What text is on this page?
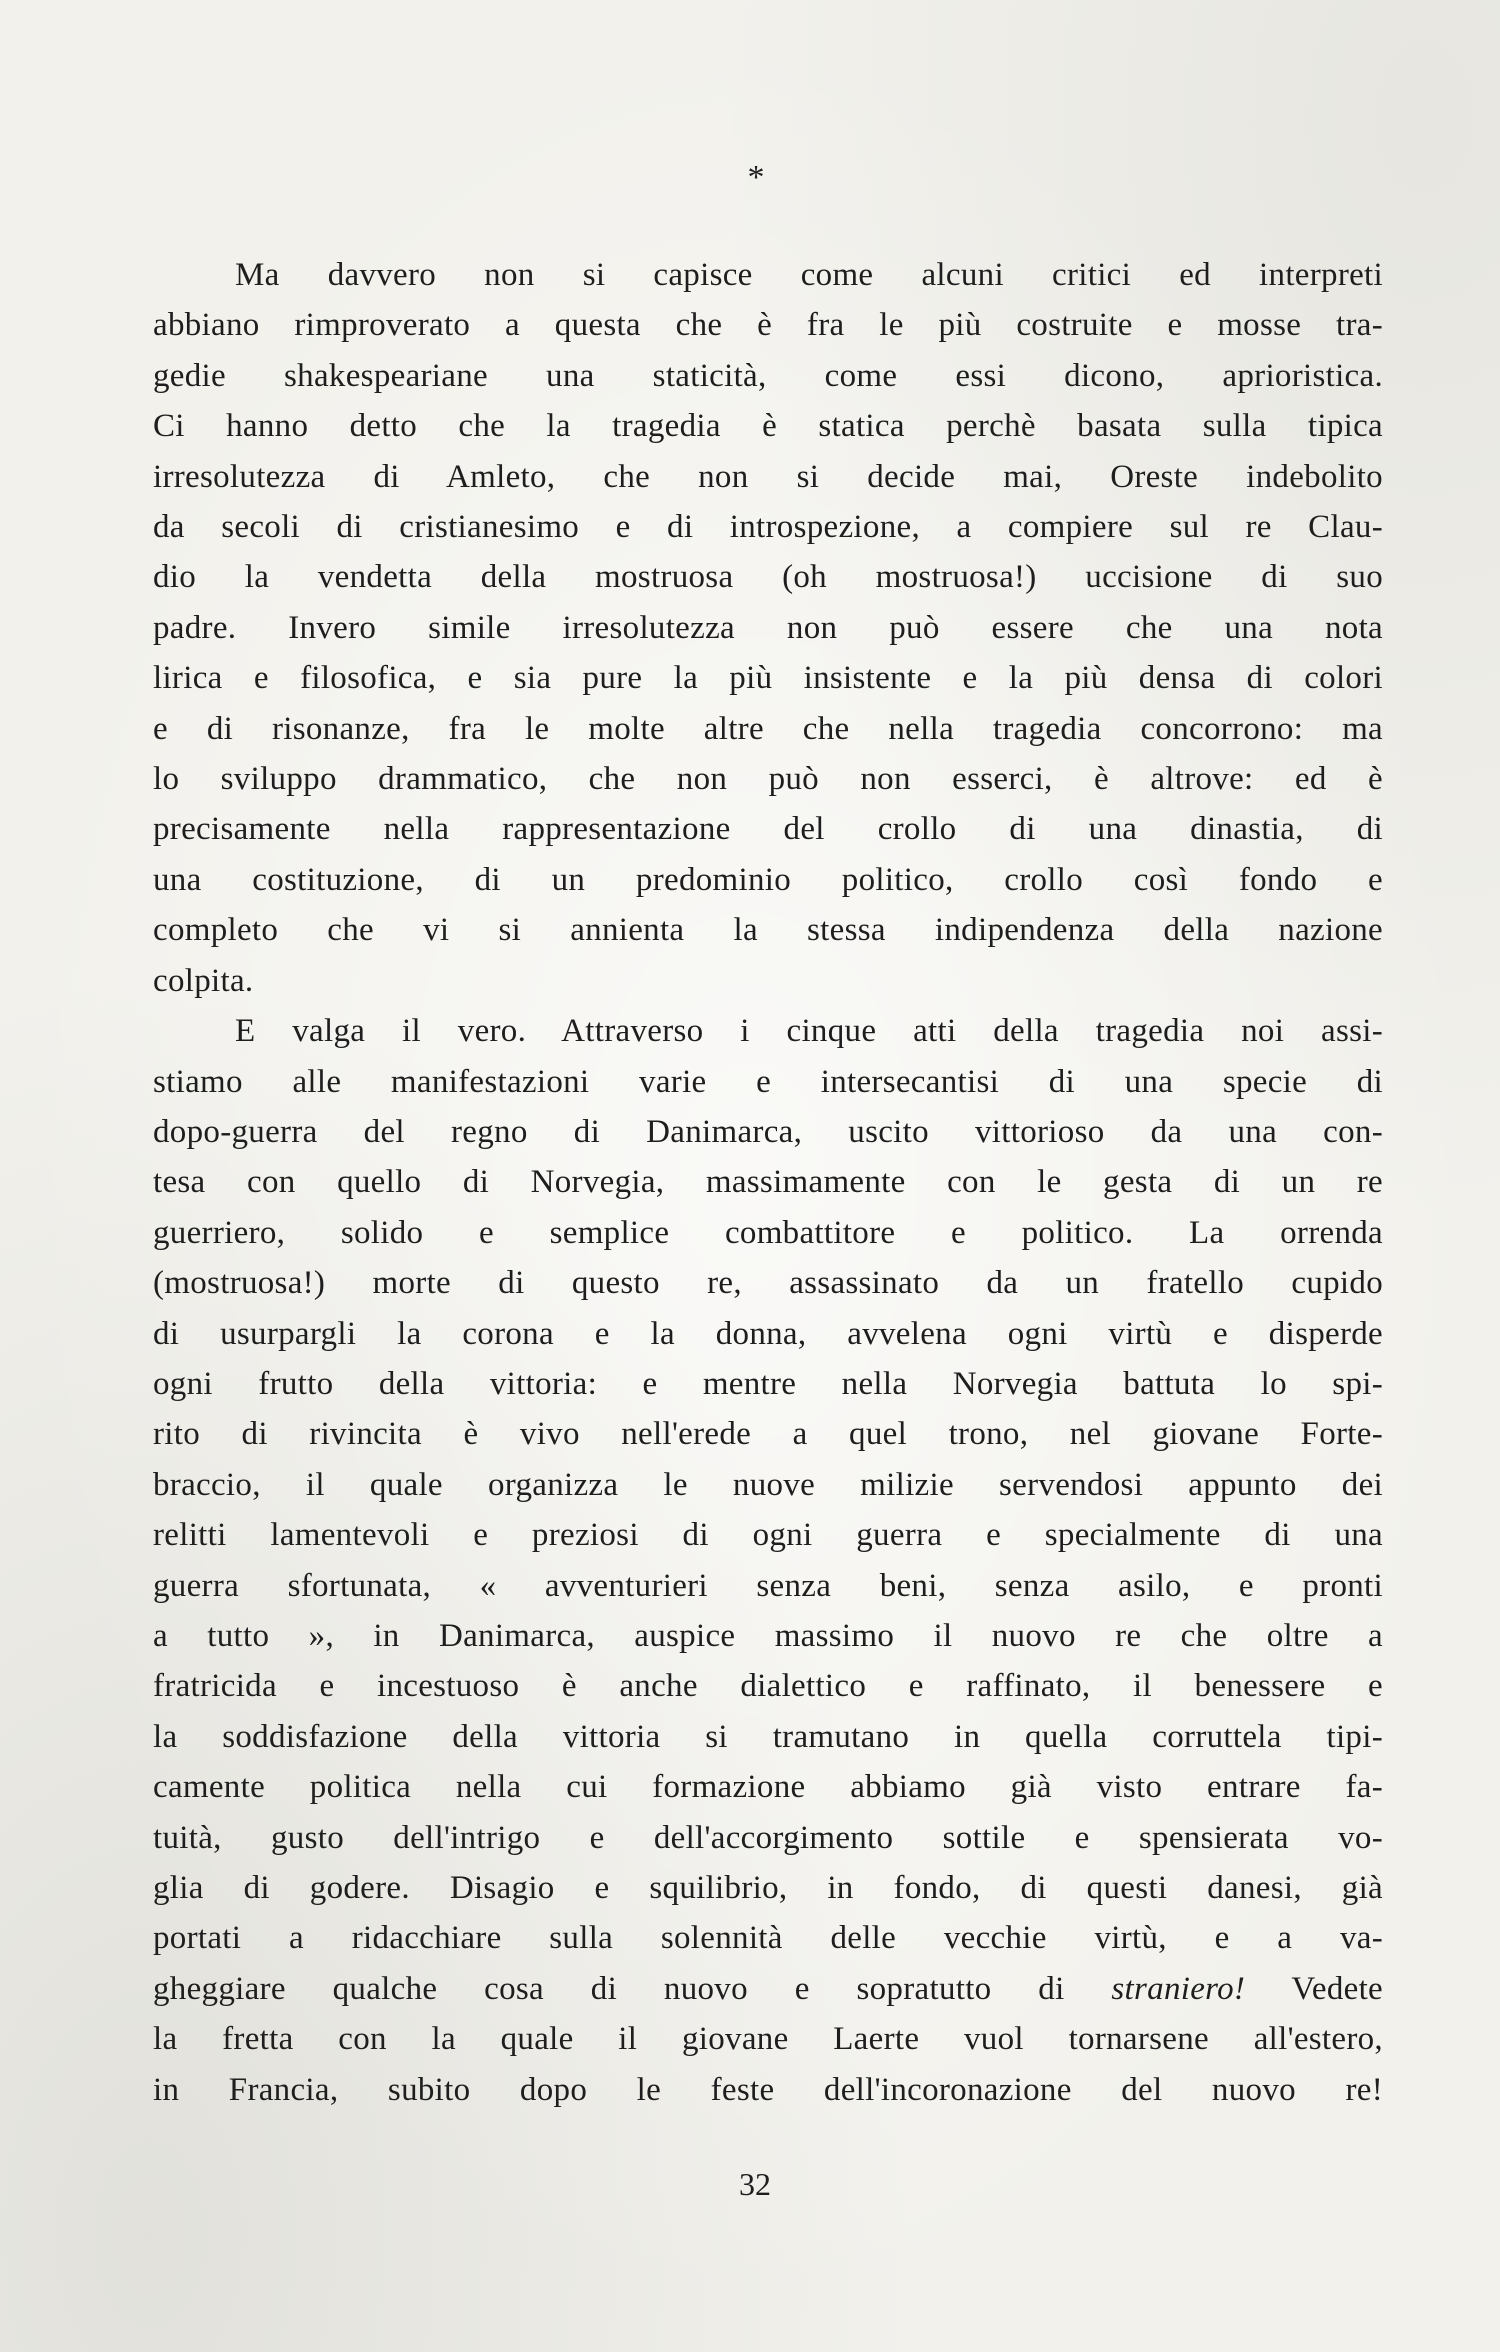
*
Ma davvero non si capisce come alcuni critici ed interpreti
abbiano rimproverato a questa che è fra le più costruite e mosse tra-
gedie shakespeariane una staticità, come essi dicono, aprioristica.
Ci hanno detto che la tragedia è statica perchè basata sulla tipica
irresolutezza di Amleto, che non si decide mai, Oreste indebolito
da secoli di cristianesimo e di introspezione, a compiere sul re Clau-
dio la vendetta della mostruosa (oh mostruosa!) uccisione di suo
padre. Invero simile irresolutezza non può essere che una nota
lirica e filosofica, e sia pure la più insistente e la più densa di colori
e di risonanze, fra le molte altre che nella tragedia concorrono: ma
lo sviluppo drammatico, che non può non esserci, è altrove: ed è
precisamente nella rappresentazione del crollo di una dinastia, di
una costituzione, di un predominio politico, crollo così fondo e
completo che vi si annienta la stessa indipendenza della nazione
colpita.
E valga il vero. Attraverso i cinque atti della tragedia noi assi-
stiamo alle manifestazioni varie e intersecantisi di una specie di
dopo-guerra del regno di Danimarca, uscito vittorioso da una con-
tesa con quello di Norvegia, massimamente con le gesta di un re
guerriero, solido e semplice combattitore e politico. La orrenda
(mostruosa!) morte di questo re, assassinato da un fratello cupido
di usurpargli la corona e la donna, avvelena ogni virtù e disperde
ogni frutto della vittoria: e mentre nella Norvegia battuta lo spi-
rito di rivincita è vivo nell'erede a quel trono, nel giovane Forte-
braccio, il quale organizza le nuove milizie servendosi appunto dei
relitti lamentevoli e preziosi di ogni guerra e specialmente di una
guerra sfortunata, « avventurieri senza beni, senza asilo, e pronti
a tutto », in Danimarca, auspice massimo il nuovo re che oltre a
fratricida e incestuoso è anche dialettico e raffinato, il benessere e
la soddisfazione della vittoria si tramutano in quella corruttela tipi-
camente politica nella cui formazione abbiamo già visto entrare fa-
tuità, gusto dell'intrigo e dell'accorgimento sottile e spensierata vo-
glia di godere. Disagio e squilibrio, in fondo, di questi danesi, già
portati a ridacchiare sulla solennità delle vecchie virtù, e a va-
gheggiare qualche cosa di nuovo e sopratutto di straniero! Vedete
la fretta con la quale il giovane Laerte vuol tornarsene all'estero,
in Francia, subito dopo le feste dell'incoronazione del nuovo re!
32
